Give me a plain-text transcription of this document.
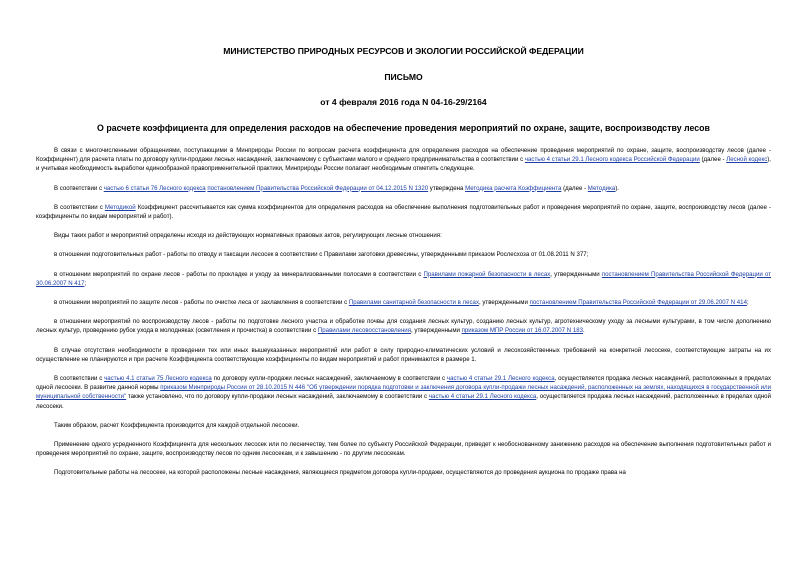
МИНИСТЕРСТВО ПРИРОДНЫХ РЕСУРСОВ И ЭКОЛОГИИ РОССИЙСКОЙ ФЕДЕРАЦИИ
ПИСЬМО
от 4 февраля 2016 года N 04-16-29/2164
О расчете коэффициента для определения расходов на обеспечение проведения мероприятий по охране, защите, воспроизводству лесов
В связи с многочисленными обращениями, поступающими в Минприроды России по вопросам расчета коэффициента для определения расходов на обеспечение проведения мероприятий по охране, защите, воспроизводству лесов (далее - Коэффициент) для расчета платы по договору купли-продажи лесных насаждений, заключаемому с субъектами малого и среднего предпринимательства в соответствии с частью 4 статьи 29.1 Лесного кодекса Российской Федерации (далее - Лесной кодекс), и учитывая необходимость выработки единообразной правоприменительной практики, Минприроды России полагает необходимым отметить следующее.
В соответствии с частью 6 статьи 76 Лесного кодекса постановлением Правительства Российской Федерации от 04.12.2015 N 1320 утверждена Методика расчета Коэффициента (далее - Методика).
В соответствии с Методикой Коэффициент рассчитывается как сумма коэффициентов для определения расходов на обеспечение выполнения подготовительных работ и проведения мероприятий по охране, защите, воспроизводству лесов (далее - коэффициенты по видам мероприятий и работ).
Виды таких работ и мероприятий определены исходя из действующих нормативных правовых актов, регулирующих лесные отношения:
в отношении подготовительных работ - работы по отводу и таксации лесосек в соответствии с Правилами заготовки древесины, утвержденными приказом Рослесхоза от 01.08.2011 N 377;
в отношении мероприятий по охране лесов - работы по прокладке и уходу за минерализованными полосами в соответствии с Правилами пожарной безопасности в лесах, утвержденными постановлением Правительства Российской Федерации от 30.06.2007 N 417;
в отношении мероприятий по защите лесов - работы по очистке леса от захламления в соответствии с Правилами санитарной безопасности в лесах, утвержденными постановлением Правительства Российской Федерации от 29.06.2007 N 414;
в отношении мероприятий по воспроизводству лесов - работы по подготовке лесного участка и обработке почвы для создания лесных культур, созданию лесных культур, агротехническому уходу за лесными культурами, в том числе дополнению лесных культур, проведению рубок ухода в молодняках (осветления и прочистка) в соответствии с Правилами лесовосстановления, утвержденными приказом МПР России от 16.07.2007 N 183.
В случае отсутствия необходимости в проведении тех или иных вышеуказанных мероприятий или работ в силу природно-климатических условий и лесохозяйственных требований на конкретной лесосеке, соответствующие затраты на их осуществление не планируются и при расчете Коэффициента соответствующие коэффициенты по видам мероприятий и работ принимаются в размере 1.
В соответствии с частью 4.1 статьи 75 Лесного кодекса по договору купли-продажи лесных насаждений, заключаемому в соответствии с частью 4 статьи 29.1 Лесного кодекса, осуществляется продажа лесных насаждений, расположенных в пределах одной лесосеки. В развитие данной нормы приказом Минприроды России от 28.10.2015 N 446 "Об утверждении порядка подготовки и заключения договора купли-продажи лесных насаждений, расположенных на землях, находящихся в государственной или муниципальной собственности" также установлено, что по договору купли-продажи лесных насаждений, заключаемому в соответствии с частью 4 статьи 29.1 Лесного кодекса, осуществляется продажа лесных насаждений, расположенных в пределах одной лесосеки.
Таким образом, расчет Коэффициента производится для каждой отдельной лесосеки.
Применение одного усредненного Коэффициента для нескольких лесосек или по лесничеству, тем более по субъекту Российской Федерации, приведет к необоснованному занижению расходов на обеспечение выполнения подготовительных работ и проведения мероприятий по охране, защите, воспроизводству лесов по одним лесосекам, и к завышению - по другим лесосекам.
Подготовительные работы на лесосеке, на которой расположены лесные насаждения, являющиеся предметом договора купли-продажи, осуществляются до проведения аукциона по продаже права на
